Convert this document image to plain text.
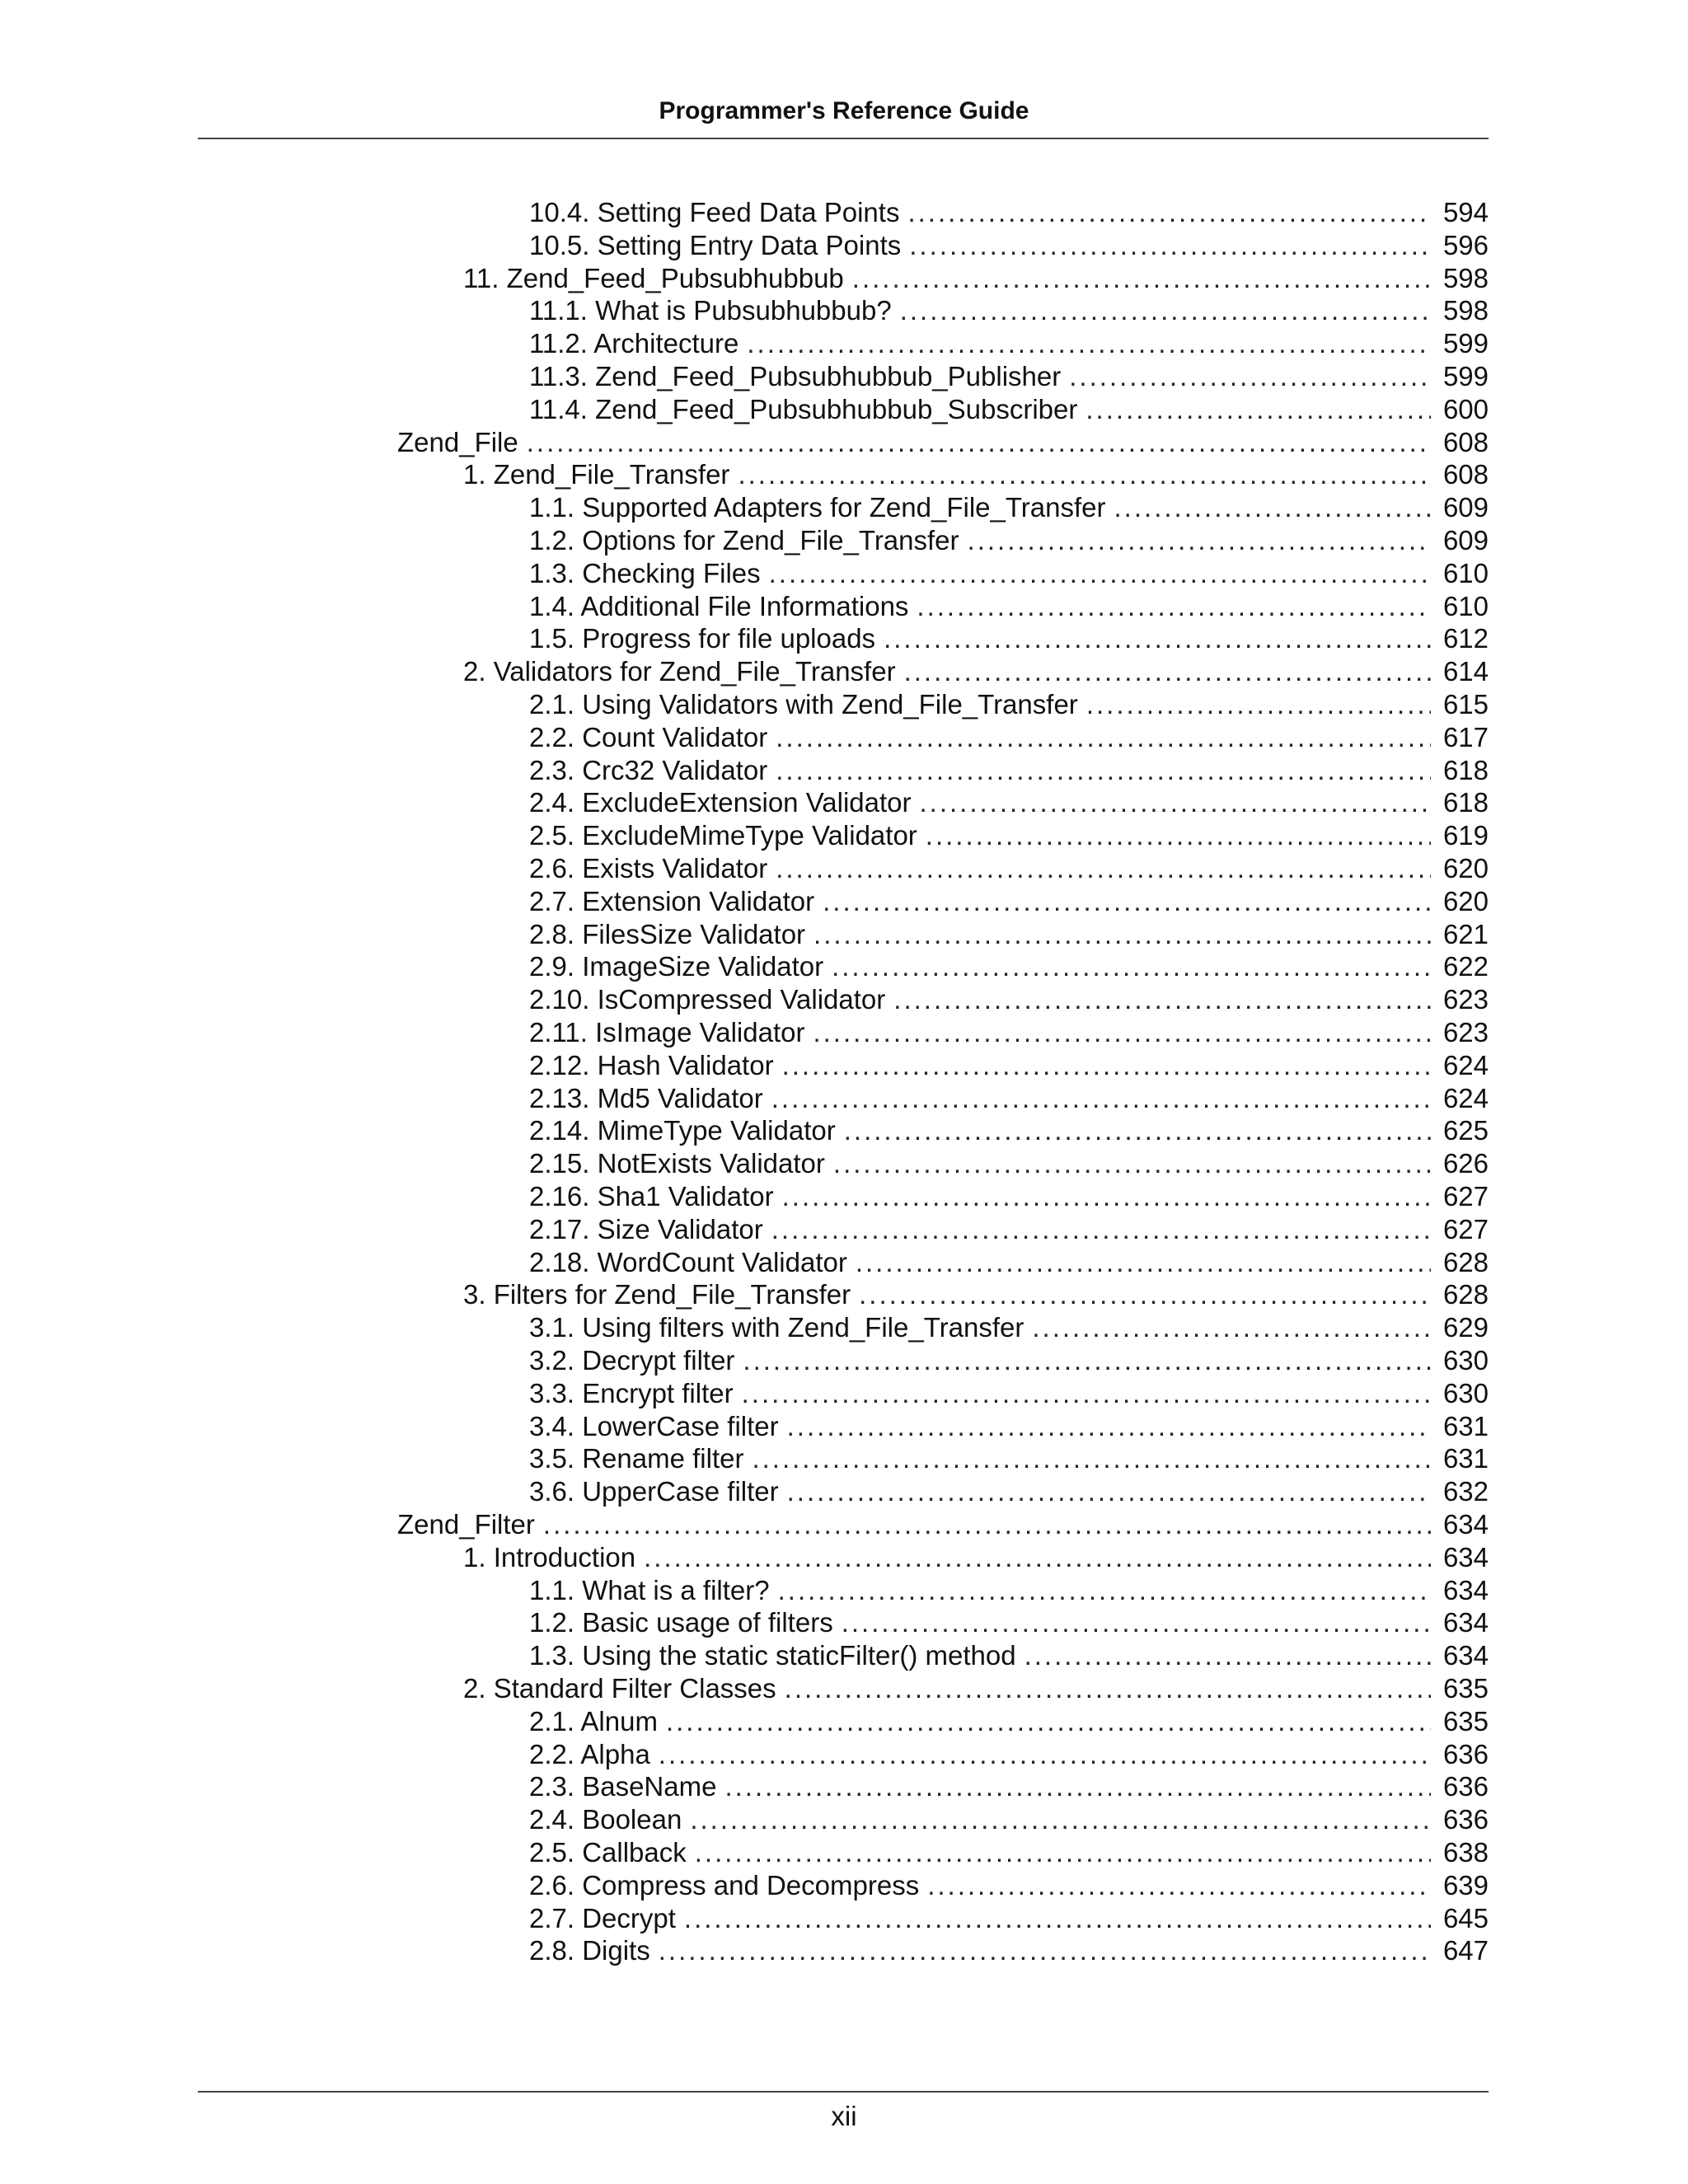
Programmer's Reference Guide
10.4. Setting Feed Data Points .....	594
10.5. Setting Entry Data Points .....	596
11. Zend_Feed_Pubsubhubbub .....	598
11.1. What is Pubsubhubbub? .....	598
11.2. Architecture .....	599
11.3. Zend_Feed_Pubsubhubbub_Publisher .....	599
11.4. Zend_Feed_Pubsubhubbub_Subscriber .....	600
Zend_File .....	608
1. Zend_File_Transfer .....	608
1.1. Supported Adapters for Zend_File_Transfer .....	609
1.2. Options for Zend_File_Transfer .....	609
1.3. Checking Files .....	610
1.4. Additional File Informations .....	610
1.5. Progress for file uploads .....	612
2. Validators for Zend_File_Transfer .....	614
2.1. Using Validators with Zend_File_Transfer .....	615
2.2. Count Validator .....	617
2.3. Crc32 Validator .....	618
2.4. ExcludeExtension Validator .....	618
2.5. ExcludeMimeType Validator .....	619
2.6. Exists Validator .....	620
2.7. Extension Validator .....	620
2.8. FilesSize Validator .....	621
2.9. ImageSize Validator .....	622
2.10. IsCompressed Validator .....	623
2.11. IsImage Validator .....	623
2.12. Hash Validator .....	624
2.13. Md5 Validator .....	624
2.14. MimeType Validator .....	625
2.15. NotExists Validator .....	626
2.16. Sha1 Validator .....	627
2.17. Size Validator .....	627
2.18. WordCount Validator .....	628
3. Filters for Zend_File_Transfer .....	628
3.1. Using filters with Zend_File_Transfer .....	629
3.2. Decrypt filter .....	630
3.3. Encrypt filter .....	630
3.4. LowerCase filter .....	631
3.5. Rename filter .....	631
3.6. UpperCase filter .....	632
Zend_Filter .....	634
1. Introduction .....	634
1.1. What is a filter? .....	634
1.2. Basic usage of filters .....	634
1.3. Using the static staticFilter() method .....	634
2. Standard Filter Classes .....	635
2.1. Alnum .....	635
2.2. Alpha .....	636
2.3. BaseName .....	636
2.4. Boolean .....	636
2.5. Callback .....	638
2.6. Compress and Decompress .....	639
2.7. Decrypt .....	645
2.8. Digits .....	647
xii
